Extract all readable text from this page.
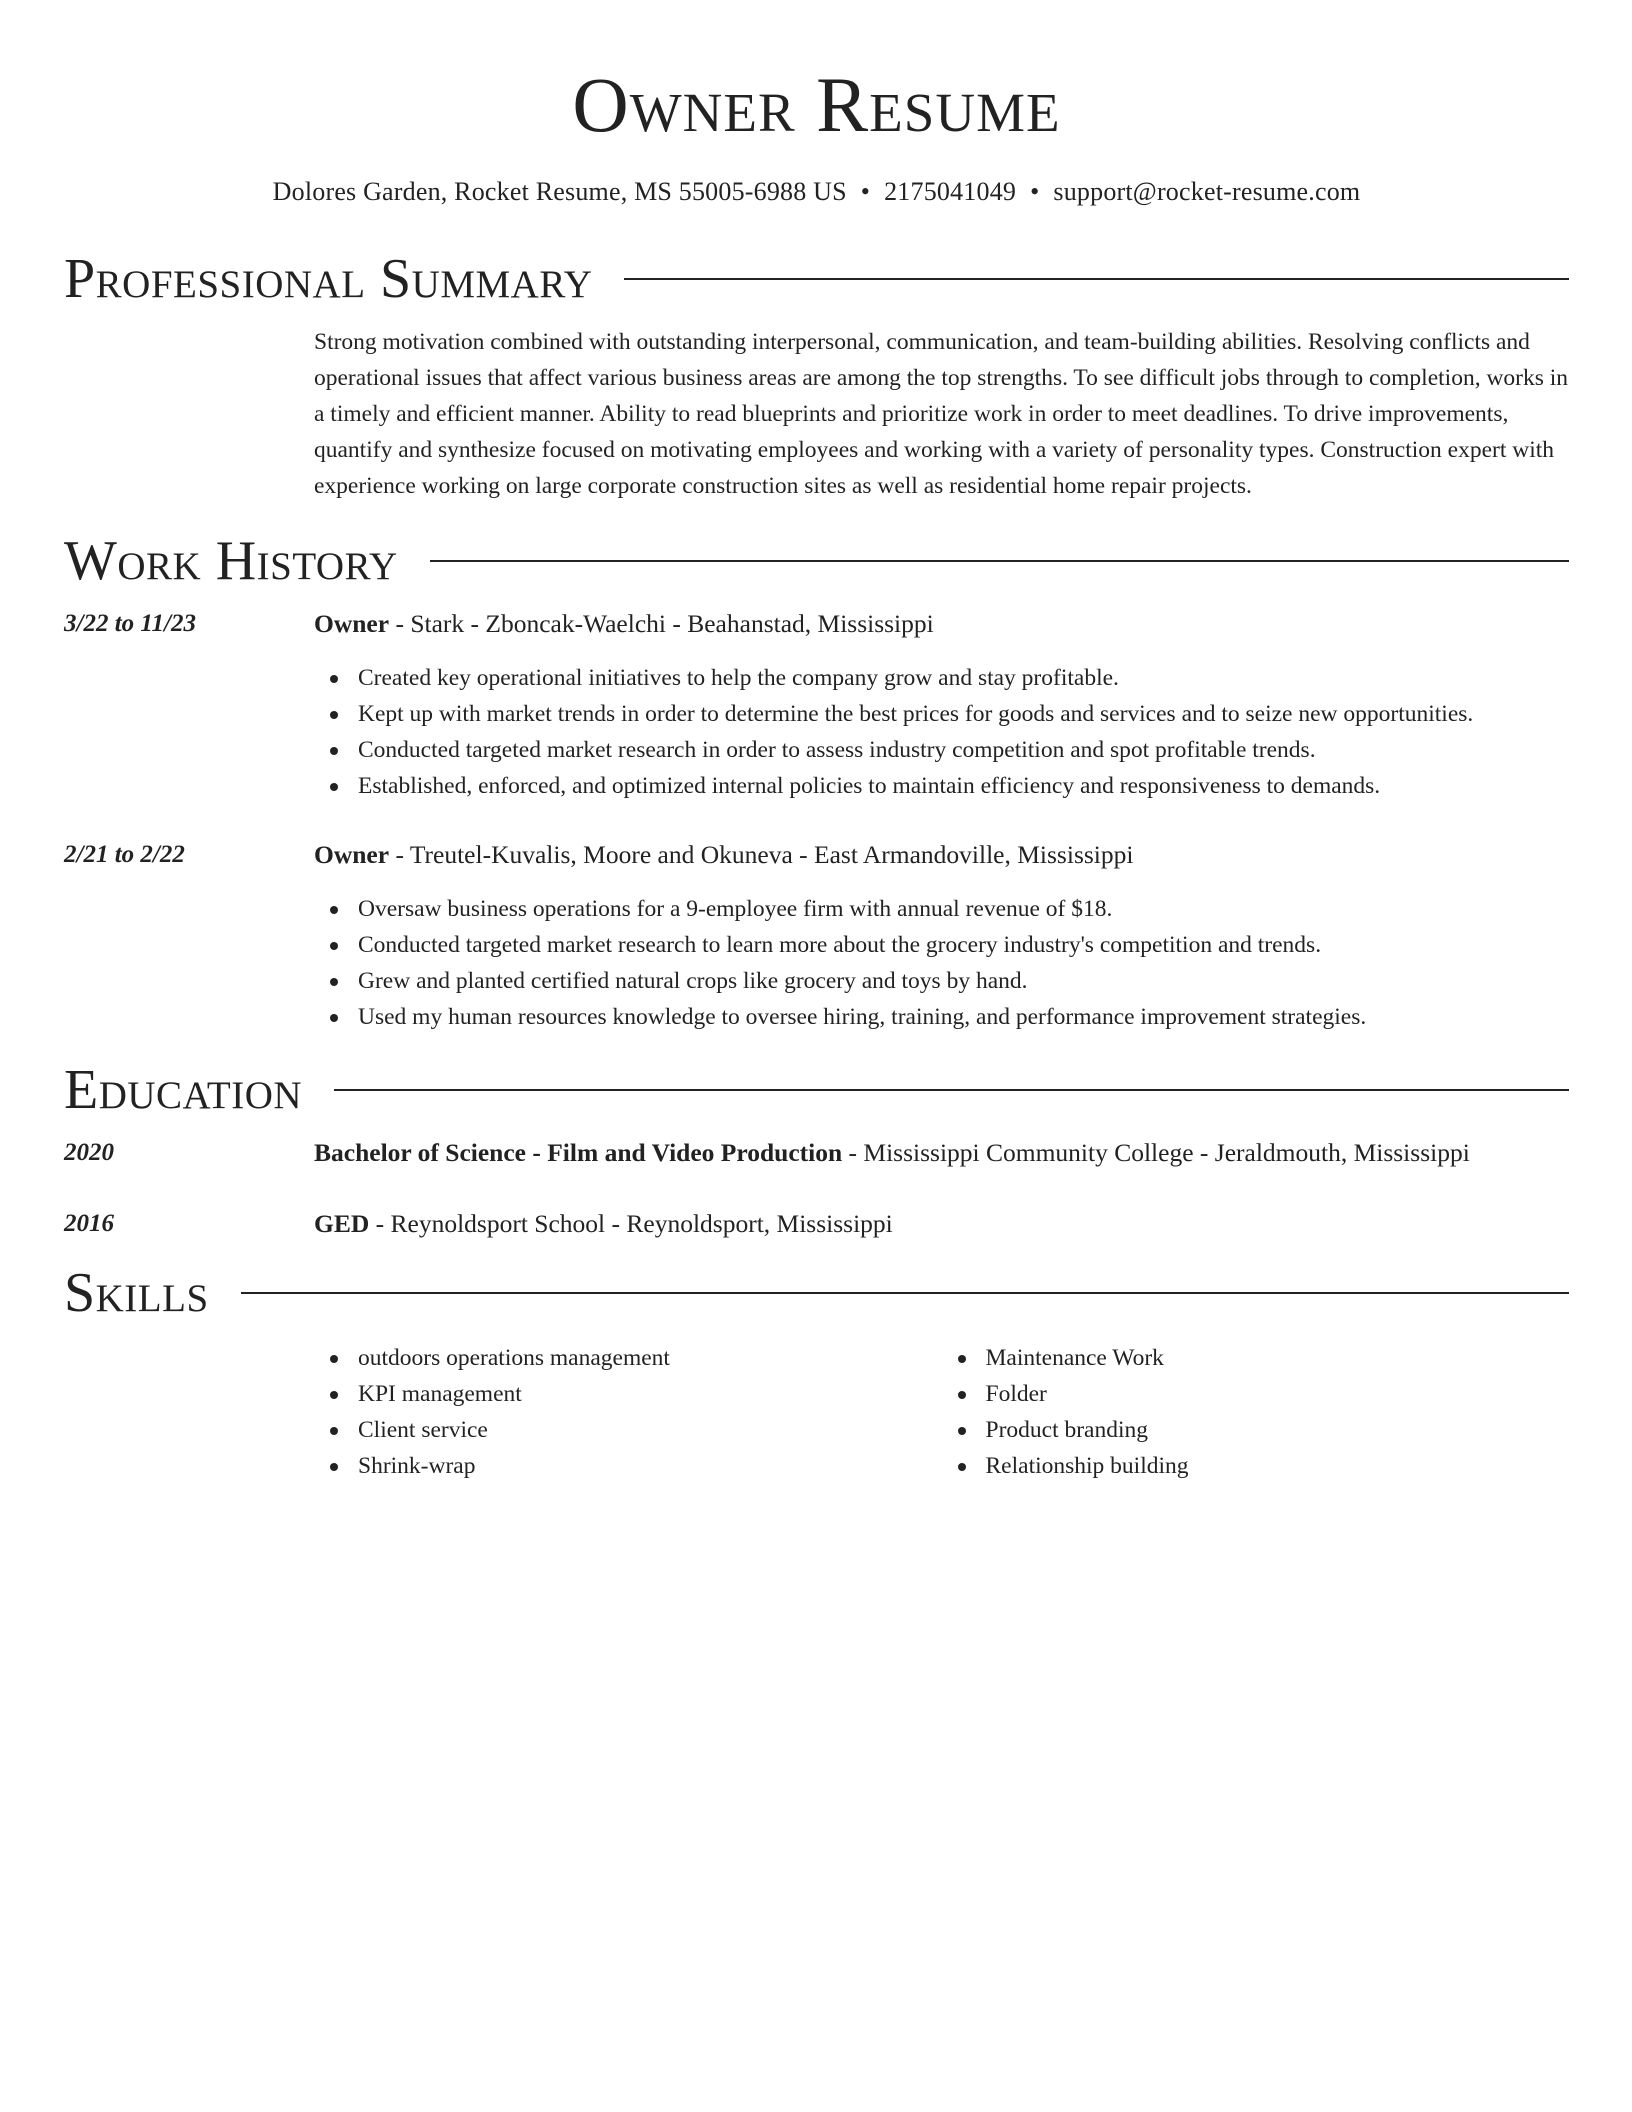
Owner Resume
Dolores Garden, Rocket Resume, MS 55005-6988 US • 2175041049 • support@rocket-resume.com
Professional Summary

Strong motivation combined with outstanding interpersonal, communication, and team-building abilities. Resolving conflicts and operational issues that affect various business areas are among the top strengths. To see difficult jobs through to completion, works in a timely and efficient manner. Ability to read blueprints and prioritize work in order to meet deadlines. To drive improvements, quantify and synthesize focused on motivating employees and working with a variety of personality types. Construction expert with experience working on large corporate construction sites as well as residential home repair projects.

Work History
3/22 to 11/23	Owner - Stark - Zboncak-Waelchi - Beahanstad, Mississippi
Created key operational initiatives to help the company grow and stay profitable.
Kept up with market trends in order to determine the best prices for goods and services and to seize new opportunities.
Conducted targeted market research in order to assess industry competition and spot profitable trends.
Established, enforced, and optimized internal policies to maintain efficiency and responsiveness to demands.
2/21 to 2/22	Owner - Treutel-Kuvalis, Moore and Okuneva - East Armandoville, Mississippi
Oversaw business operations for a 9-employee firm with annual revenue of $18.
Conducted targeted market research to learn more about the grocery industry's competition and trends.
Grew and planted certified natural crops like grocery and toys by hand.
Used my human resources knowledge to oversee hiring, training, and performance improvement strategies.
Education
2020	Bachelor of Science - Film and Video Production - Mississippi Community College - Jeraldmouth, Mississippi
2016	GED - Reynoldsport School - Reynoldsport, Mississippi
Skills
outdoors operations management
KPI management
Client service
Shrink-wrap
Maintenance Work
Folder
Product branding
Relationship building
